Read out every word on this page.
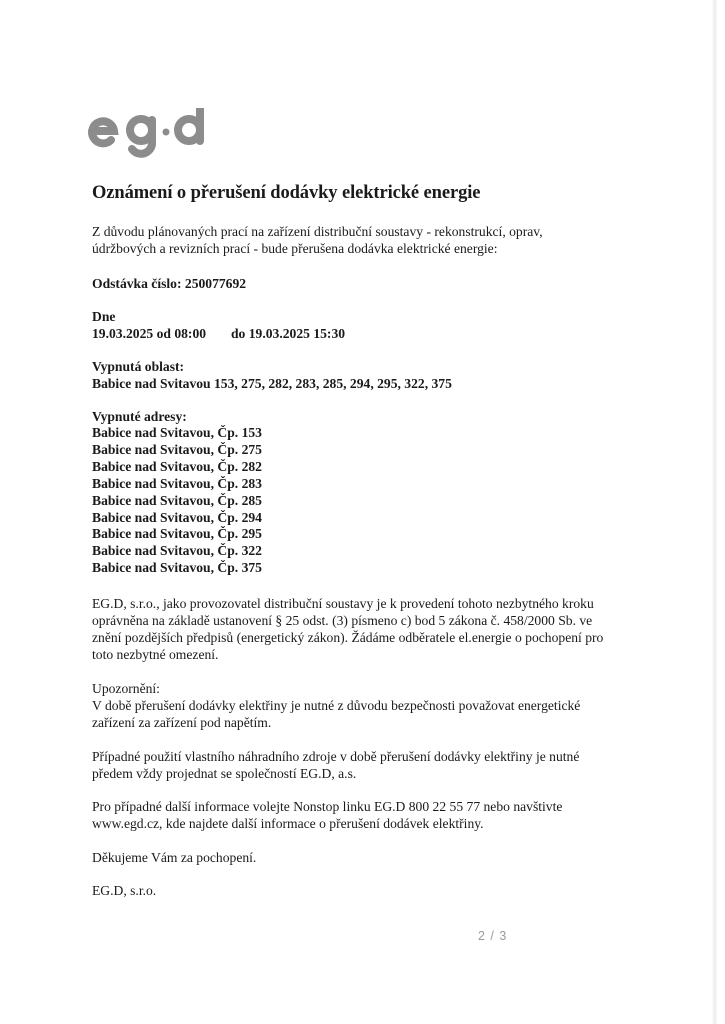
Oznámení o přerušení dodávky elektrické energie

Z důvodu plánovaných prací na zařízení distribuční soustavy - rekonstrukcí, oprav,

údržbových a revizních prací - bude přerušena dodávka elektrické energie:

Odstávka číslo: 250077692

Dne

19.03.2025 od 08:00 do 19.03.2025 15:30

Vypnutá oblast:

Babice nad Svitavou 153, 275, 282, 283, 285, 294, 295, 322, 375

Vypnuté adresy:

Babice nad Svitavou, Čp. 153
Babice nad Svitavou, Čp. 275
Babice nad Svitavou, Čp. 282
Babice nad Svitavou, Čp. 283
Babice nad Svitavou, Čp. 285
Babice nad Svitavou, Čp. 294
Babice nad Svitavou, Čp. 295
Babice nad Svitavou, Čp. 322
Babice nad Svitavou, Čp. 375

EG.D, s.r.o., jako provozovatel distribuční soustavy je k provedení tohoto nezbytného kroku

oprávněna na základě ustanovení § 25 odst. (3) písmeno c) bod 5 zákona č. 458/2000 Sb. ve

znění pozdějších předpisů (energetický zákon). Žádáme odběratele el.energie o pochopení pro

toto nezbytné omezení.

Upozornění:

V době přerušení dodávky elektřiny je nutné z důvodu bezpečnosti považovat energetické

zařízení za zařízení pod napětím.

Případné použití vlastního náhradního zdroje v době přerušení dodávky elektřiny je nutné

předem vždy projednat se společností EG.D, a.s.

Pro případné další informace volejte Nonstop linku EG.D 800 22 55 77 nebo navštivte

www.egd.cz, kde najdete další informace o přerušení dodávek elektřiny.

Děkujeme Vám za pochopení.

EG.D, s.r.o.

2 / 3
